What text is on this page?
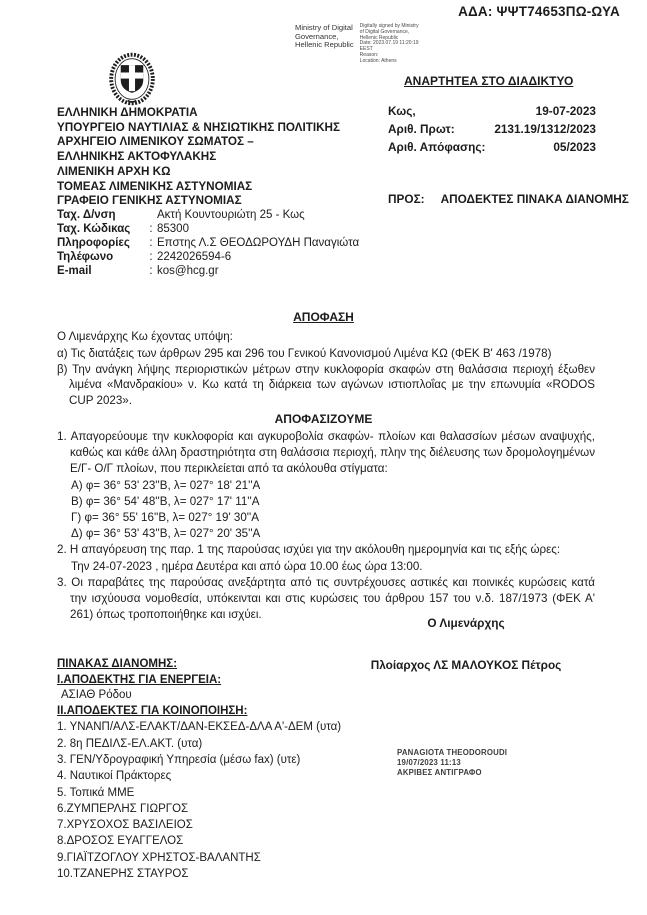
ΑΔΑ: ΨΨΤ74653ΠΩ-ΩΥΑ
Ministry of Digital
Governance,
Hellenic Republic
Digitally signed by Ministry
of Digital Governance,
Hellenic Republic
Date: 2023.07.19 11:20:19
EEST
Reason:
Location: Athens
ΑΝΑΡΤΗΤΕΑ ΣΤΟ ΔΙΑΔΙΚΤΥΟ
ΕΛΛΗΝΙΚΗ ΔΗΜΟΚΡΑΤΙΑ
ΥΠΟΥΡΓΕΙΟ ΝΑΥΤΙΛΙΑΣ & ΝΗΣΙΩΤΙΚΗΣ ΠΟΛΙΤΙΚΗΣ
ΑΡΧΗΓΕΙΟ ΛΙΜΕΝΙΚΟΥ ΣΩΜΑΤΟΣ –
ΕΛΛΗΝΙΚΗΣ ΑΚΤΟΦΥΛΑΚΗΣ
ΛΙΜΕΝΙΚΗ ΑΡΧΗ ΚΩ
ΤΟΜΕΑΣ ΛΙΜΕΝΙΚΗΣ ΑΣΤΥΝΟΜΙΑΣ
ΓΡΑΦΕΙΟ ΓΕΝΙΚΗΣ ΑΣΤΥΝΟΜΙΑΣ
Ταχ. Δ/νση	Ακτή Κουντουριώτη 25 - Κως
Ταχ. Κώδικας	: 85300
Πληροφορίες	: Επστης Λ.Σ ΘΕΟΔΩΡΟΥΔΗ Παναγιώτα
Τηλέφωνο	: 2242026594-6
E-mail	: kos@hcg.gr
Κως,	19-07-2023
Αριθ. Πρωτ:	2131.19/1312/2023
Αριθ. Απόφασης:	05/2023
ΠΡΟΣ: ΑΠΟΔΕΚΤΕΣ ΠΙΝΑΚΑ ΔΙΑΝΟΜΗΣ
ΑΠΟΦΑΣΗ
Ο Λιμενάρχης Κω έχοντας υπόψη:
α) Τις διατάξεις των άρθρων 295 και 296 του Γενικού Κανονισμού Λιμένα ΚΩ (ΦΕΚ Β' 463 /1978)
β) Την ανάγκη λήψης περιοριστικών μέτρων στην κυκλοφορία σκαφών στη θαλάσσια περιοχή έξωθεν λιμένα «Μανδρακίου» ν. Κω κατά τη διάρκεια των αγώνων ιστιοπλοΐας με την επωνυμία «RODOS CUP 2023».
ΑΠΟΦΑΣΙΖΟΥΜΕ
1. Απαγορεύουμε την κυκλοφορία και αγκυροβολία σκαφών- πλοίων και θαλασσίων μέσων αναψυχής, καθώς και κάθε άλλη δραστηριότητα στη θαλάσσια περιοχή, πλην της διέλευσης των δρομολογημένων Ε/Γ- Ο/Γ πλοίων, που περικλείεται από τα ακόλουθα στίγματα:
Α) φ= 36° 53' 23''Β, λ= 027° 18' 21''Α
Β) φ= 36° 54' 48''Β, λ= 027° 17' 11''Α
Γ) φ= 36° 55' 16''Β, λ= 027° 19' 30''Α
Δ) φ= 36° 53' 43''Β, λ= 027° 20' 35''Α
2. Η απαγόρευση της παρ. 1 της παρούσας ισχύει για την ακόλουθη ημερομηνία και τις εξής ώρες:
Την 24-07-2023 , ημέρα Δευτέρα και από ώρα 10.00 έως ώρα 13:00.
3. Οι παραβάτες της παρούσας ανεξάρτητα από τις συντρέχουσες αστικές και ποινικές κυρώσεις κατά την ισχύουσα νομοθεσία, υπόκεινται και στις κυρώσεις του άρθρου 157 του ν.δ. 187/1973 (ΦΕΚ Α' 261) όπως τροποποιήθηκε και ισχύει.
Ο Λιμενάρχης
Πλοίαρχος ΛΣ ΜΑΛΟΥΚΟΣ Πέτρος
ΠΙΝΑΚΑΣ ΔΙΑΝΟΜΗΣ:
Ι.ΑΠΟΔΕΚΤΗΣ ΓΙΑ ΕΝΕΡΓΕΙΑ:
ΑΣΙΑΘ Ρόδου
ΙΙ.ΑΠΟΔΕΚΤΕΣ ΓΙΑ ΚΟΙΝΟΠΟΙΗΣΗ:
1. ΥΝΑΝΠ/ΑΛΣ-ΕΛΑΚΤ/ΔΑΝ-ΕΚΣΕΔ-ΔΛΑ Α'-ΔΕΜ (υτα)
2. 8η ΠΕΔΙΛΣ-ΕΛ.ΑΚΤ. (υτα)
3. ΓΕΝ/Υδρογραφική Υπηρεσία (μέσω fax) (υτε)
4. Ναυτικοί Πράκτορες
5. Τοπικά ΜΜΕ
6.ΖΥΜΠΕΡΛΗΣ ΓΙΩΡΓΟΣ
7.ΧΡΥΣΟΧΟΣ ΒΑΣΙΛΕΙΟΣ
8.ΔΡΟΣΟΣ ΕΥΑΓΓΕΛΟΣ
9.ΓΙΑΪΤΖΟΓΛΟΥ ΧΡΗΣΤΟΣ-ΒΑΛΑΝΤΗΣ
10.ΤΖΑΝΕΡΗΣ ΣΤΑΥΡΟΣ
PANAGIOTA THEODOROUDI
19/07/2023 11:13
ΑΚΡΙΒΕΣ ΑΝΤΙΓΡΑΦΟ
